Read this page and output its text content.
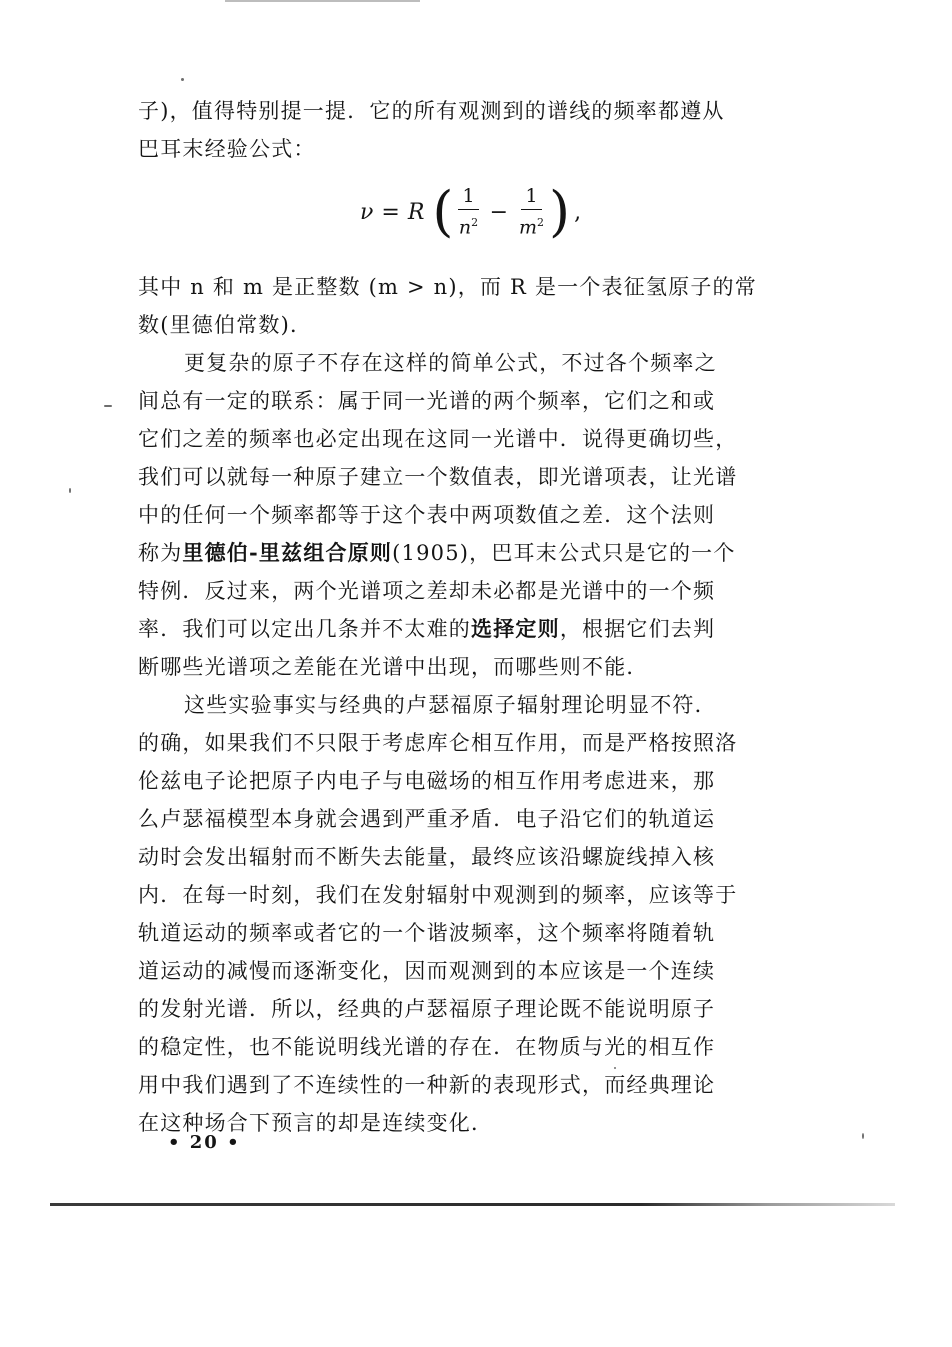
子)，值得特别提一提．它的所有观测到的谱线的频率都遵从
巴耳末经验公式：
ν = R ( $\frac{1}{n^2} - \frac{1}{m^2}$ ) ,
其中 n 和 m 是正整数 (m > n)，而 R 是一个表征氢原子的常
数(里德伯常数)．
更复杂的原子不存在这样的简单公式，不过各个频率之
间总有一定的联系：属于同一光谱的两个频率，它们之和或
它们之差的频率也必定出现在这同一光谱中．说得更确切些，
我们可以就每一种原子建立一个数值表，即光谱项表，让光谱
中的任何一个频率都等于这个表中两项数值之差．这个法则
称为里德伯-里兹组合原则(1905)，巴耳末公式只是它的一个
特例．反过来，两个光谱项之差却未必都是光谱中的一个频
率．我们可以定出几条并不太难的选择定则，根据它们去判
断哪些光谱项之差能在光谱中出现，而哪些则不能．
这些实验事实与经典的卢瑟福原子辐射理论明显不符．
的确，如果我们不只限于考虑库仑相互作用，而是严格按照洛
伦兹电子论把原子内电子与电磁场的相互作用考虑进来，那
么卢瑟福模型本身就会遇到严重矛盾．电子沿它们的轨道运
动时会发出辐射而不断失去能量，最终应该沿螺旋线掉入核
内．在每一时刻，我们在发射辐射中观测到的频率，应该等于
轨道运动的频率或者它的一个谐波频率，这个频率将随着轨
道运动的减慢而逐渐变化，因而观测到的本应该是一个连续
的发射光谱．所以，经典的卢瑟福原子理论既不能说明原子
的稳定性，也不能说明线光谱的存在．在物质与光的相互作
用中我们遇到了不连续性的一种新的表现形式，而经典理论
在这种场合下预言的却是连续变化．
• 20 •
